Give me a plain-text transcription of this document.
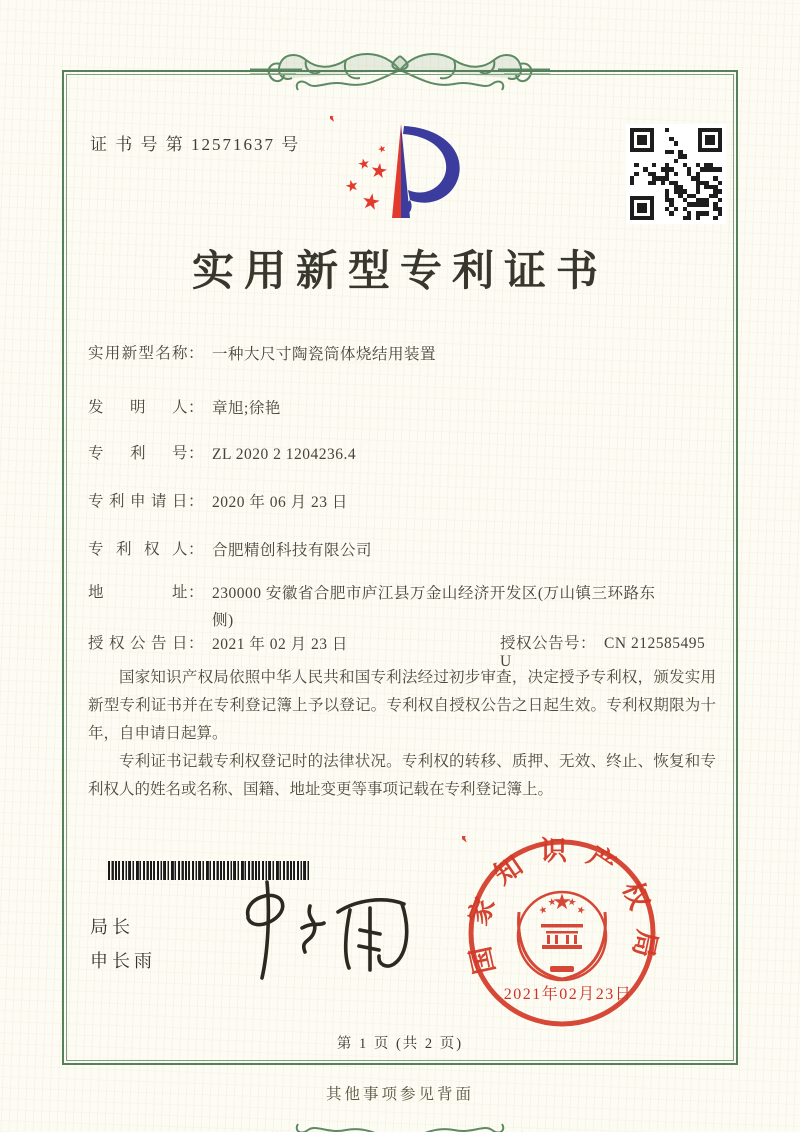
证 书 号 第 12571637 号
实用新型专利证书
实用新型名称： 一种大尺寸陶瓷筒体烧结用装置
发明人： 章旭;徐艳
专利号： ZL 2020 2 1204236.4
专利申请日： 2020 年 06 月 23 日
专利权人： 合肥精创科技有限公司
地址： 230000 安徽省合肥市庐江县万金山经济开发区(万山镇三环路东侧)
授权公告日： 2021 年 02 月 23 日	授权公告号： CN 212585495 U

国家知识产权局依照中华人民共和国专利法经过初步审查，决定授予专利权，颁发实用新型专利证书并在专利登记簿上予以登记。专利权自授权公告之日起生效。专利权期限为十年，自申请日起算。

专利证书记载专利权登记时的法律状况。专利权的转移、质押、无效、终止、恢复和专利权人的姓名或名称、国籍、地址变更等事项记载在专利登记簿上。

局长
申长雨	国家知识产权局
2021年02月23日
第 1 页 (共 2 页)
其他事项参见背面
